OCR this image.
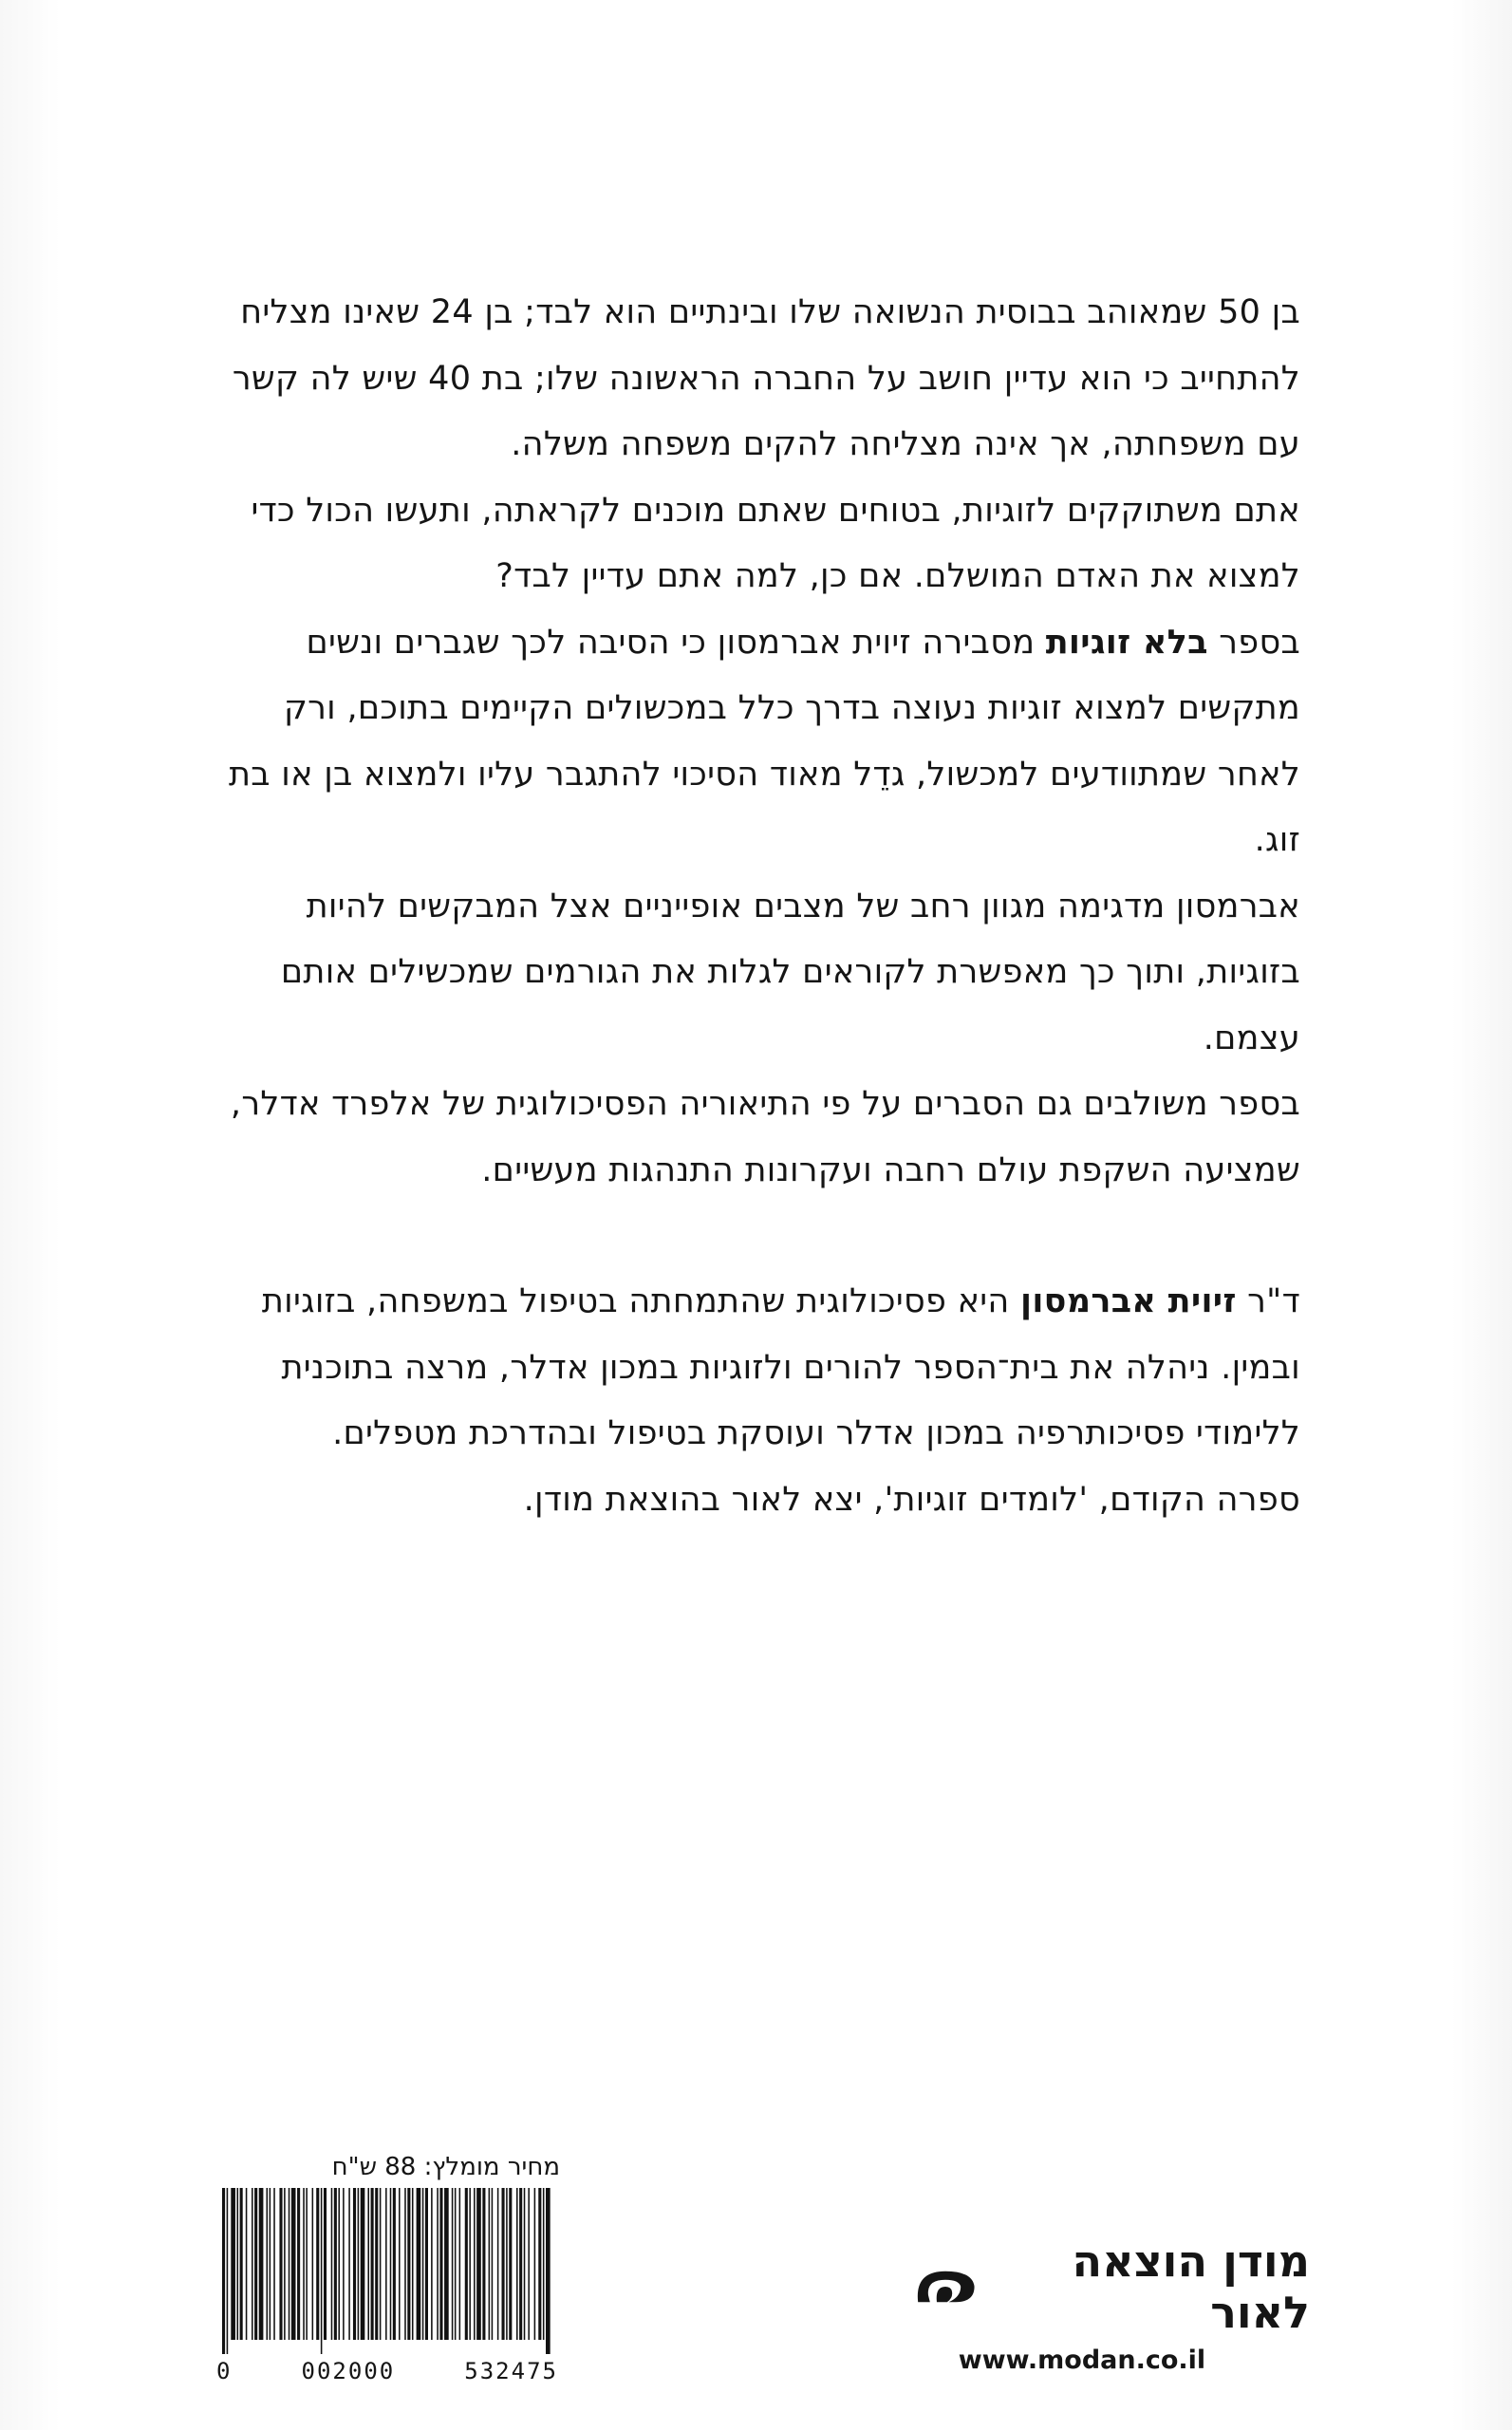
בן 50 שמאוהב בבוסית הנשואה שלו ובינתיים הוא לבד; בן 24 שאינו מצליח להתחייב כי הוא עדיין חושב על החברה הראשונה שלו; בת 40 שיש לה קשר עם משפחתה, אך אינה מצליחה להקים משפחה משלה.

אתם משתוקקים לזוגיות, בטוחים שאתם מוכנים לקראתה, ותעשו הכול כדי למצוא את האדם המושלם. אם כן, למה אתם עדיין לבד?

בספר בלא זוגיות מסבירה זיוית אברמסון כי הסיבה לכך שגברים ונשים מתקשים למצוא זוגיות נעוצה בדרך כלל במכשולים הקיימים בתוכם, ורק לאחר שמתוודעים למכשול, גדֵל מאוד הסיכוי להתגבר עליו ולמצוא בן או בת זוג.

אברמסון מדגימה מגוון רחב של מצבים אופייניים אצל המבקשים להיות בזוגיות, ותוך כך מאפשרת לקוראים לגלות את הגורמים שמכשילים אותם עצמם.

בספר משולבים גם הסברים על פי התיאוריה הפסיכולוגית של אלפרד אדלר, שמציעה השקפת עולם רחבה ועקרונות התנהגות מעשיים.

ד"ר זיוית אברמסון היא פסיכולוגית שהתמחתה בטיפול במשפחה, בזוגיות ובמין. ניהלה את בית־הספר להורים ולזוגיות במכון אדלר, מרצה בתוכנית ללימודי פסיכותרפיה במכון אדלר ועוסקת בטיפול ובהדרכת מטפלים.

ספרה הקודם, 'לומדים זוגיות', יצא לאור בהוצאת מודן.

מחיר מומלץ: 88 ש"ח
0	002000	532475
מודן הוצאה לאור
www.modan.co.il
